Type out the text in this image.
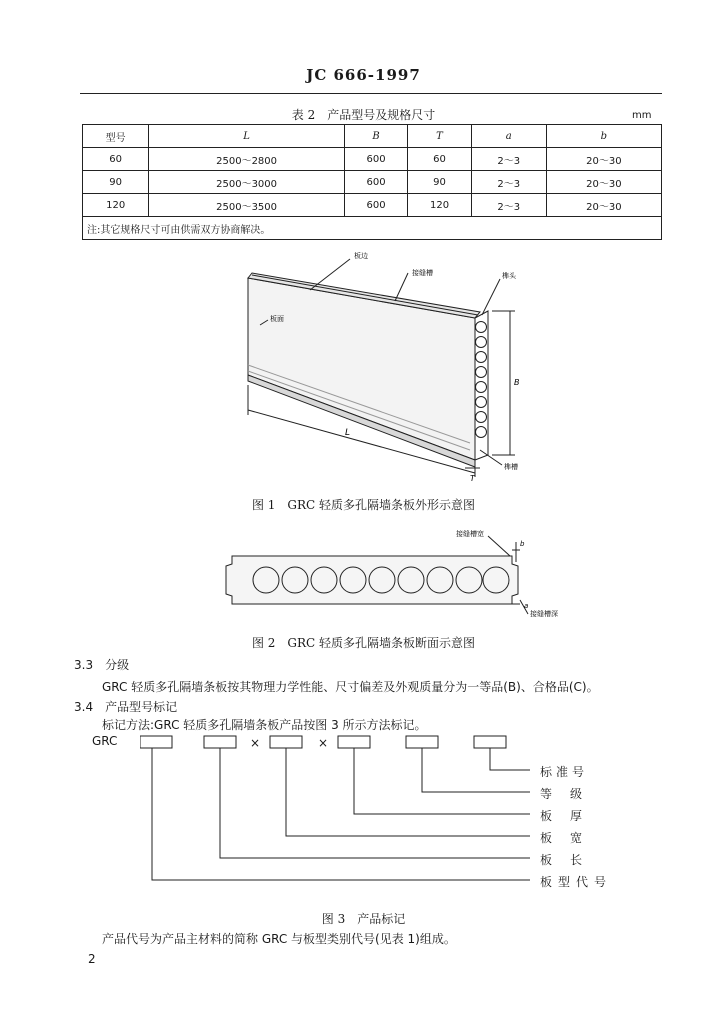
JC 666-1997
表 2　产品型号及规格尺寸	mm
型号	L	B	T	a	b
60	2500～2800	600	60	2～3	20～30
90	2500～3000	600	90	2～3	20～30
120	2500～3500	600	120	2～3	20～30
注:其它规格尺寸可由供需双方协商解决。					
板边
接缝槽	榫头
板面
B
L
T
榫槽
图 1　GRC 轻质多孔隔墙条板外形示意图
接缝槽宽
b
a
接缝槽深
图 2　GRC 轻质多孔隔墙条板断面示意图
3.3　分级
GRC 轻质多孔隔墙条板按其物理力学性能、尺寸偏差及外观质量分为一等品(B)、合格品(C)。
3.4　产品型号标记
标记方法:GRC 轻质多孔隔墙条板产品按图 3 所示方法标记。
GRC	×	×
标准号
等级
板厚
板宽
板长
板型代号
图 3　产品标记
产品代号为产品主材料的简称 GRC 与板型类别代号(见表 1)组成。
2
